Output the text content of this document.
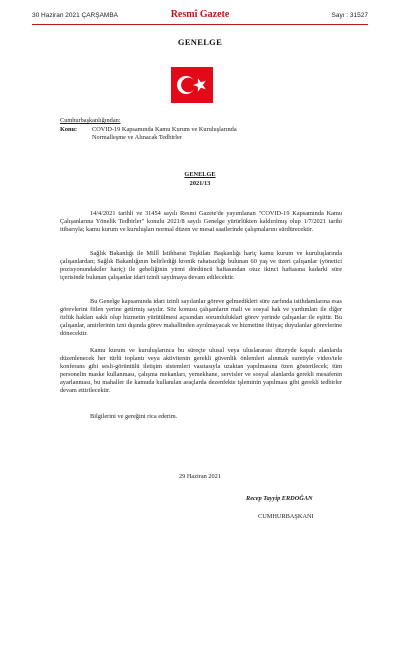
30 Haziran 2021 ÇARŞAMBA	Resmî Gazete	Sayı : 31527
GENELGE
Cumhurbaşkanlığından:
Konu: COVID-19 Kapsamında Kamu Kurum ve Kuruluşlarında Normalleşme ve Alınacak Tedbirler
GENELGE
2021/13
14/4/2021 tarihli ve 31454 sayılı Resmi Gazete'de yayımlanan "COVID-19 Kapsamında Kamu Çalışanlarına Yönelik Tedbirler" konulu 2021/8 sayılı Genelge yürürlükten kaldırılmış olup 1/7/2021 tarihi itibarıyla; kamu kurum ve kuruluşları normal düzen ve mesai saatlerinde çalışmalarını sürdürecektir.
Sağlık Bakanlığı ile Millî İstihbarat Teşkilatı Başkanlığı hariç kamu kurum ve kuruluşlarında çalışanlardan; Sağlık Bakanlığının belirlediği kronik rahatsızlığı bulunan 60 yaş ve üzeri çalışanlar (yönetici pozisyonundakiler hariç) ile gebeliğinin yirmi dördüncü haftasından otuz ikinci haftasına kadarki süre içerisinde bulunan çalışanlar idari izinli sayılmaya devam edilecektir.
Bu Genelge kapsamında idari izinli sayılanlar göreve gelmedikleri süre zarfında istihdamlarına esas görevlerini fiilen yerine getirmiş sayılır. Söz konusu çalışanların mali ve sosyal hak ve yardımları ile diğer özlük hakları saklı olup hizmetin yürütülmesi açısından sorumluluklari görev yerinde çalışanlar ile eşittir. Bu çalışanlar, amirlerinin izni dışında görev mahallinden ayrılmayacak ve hizmetine ihtiyaç duyulanlar görevlerine dönecektir.
Kamu kurum ve kuruluşlarınca bu süreçte ulusal veya uluslararası düzeyde kapalı alanlarda düzenlenecek her türlü toplantı veya aktivitenin gerekli güvenlik önlemleri alınmak suretiyle video/tele konferans gibi sesli-görüntülü iletişim sistemleri vasıtasıyla uzaktan yapılmasına özen gösterilecek; tüm personelin maske kullanması, çalışma mekanları, yemekhane, servisler ve sosyal alanlarda gerekli mesafenin ayarlanması, bu mahaller ile kamuda kullanılan araçlarda dezenfekte işleminin yapılması gibi gerekli tedbirler devam ettirilecektir.
Bilgilerini ve gereğini rica ederim.
29 Haziran 2021
Recep Tayyip ERDOĞAN
CUMHURBAŞKANI
